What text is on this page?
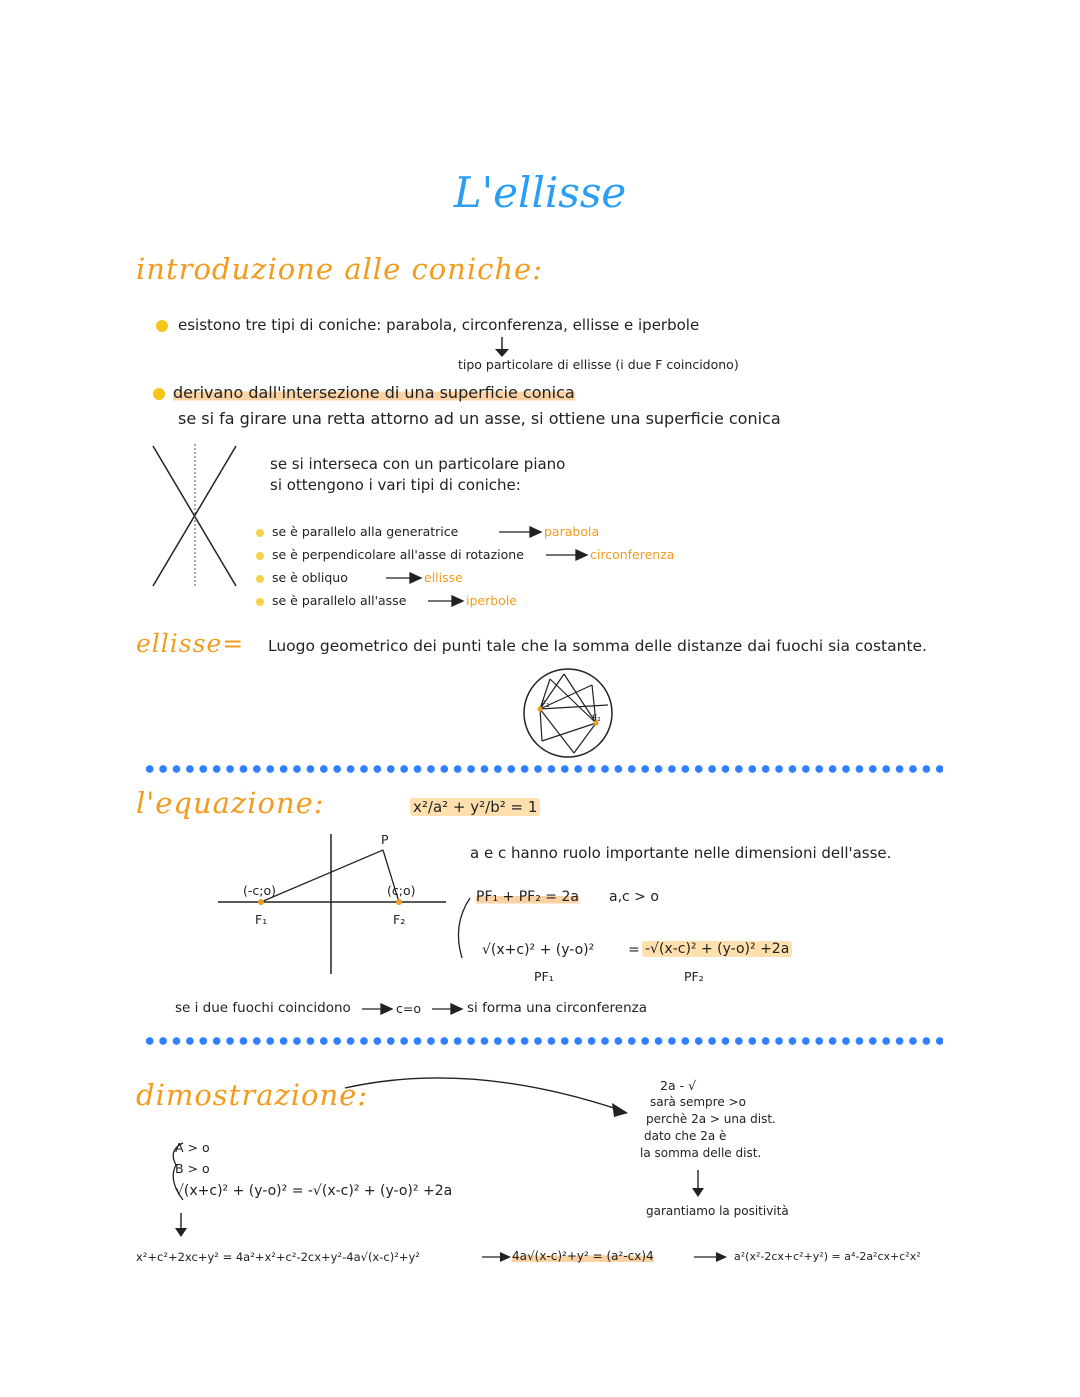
L'ellisse
introduzione alle coniche:
esistono tre tipi di coniche: parabola, circonferenza, ellisse e iperbole
tipo particolare di ellisse (i due F coincidono)
derivano dall'intersezione di una superficie conica
se si fa girare una retta attorno ad un asse, si ottiene una superficie conica
se si interseca con un particolare piano
si ottengono i vari tipi di coniche:
se è parallelo alla generatrice	parabola
se è perpendicolare all'asse di rotazione	circonferenza
se è obliquo	ellisse
se è parallelo all'asse	iperbole
ellisse= Luogo geometrico dei punti tale che la somma delle distanze dai fuochi sia costante.
F₁
F₂
l'equazione:	x²/a² + y²/b² = 1
a e c hanno ruolo importante nelle dimensioni dell'asse.
P
(-c;o)	(c;o)
F₁	F₂
PF₁ + PF₂ = 2a a,c > o
√(x+c)² + (y-o)² = -√(x-c)² + (y-o)² +2a
PF₁	PF₂
se i due fuochi coincidono	c=o	si forma una circonferenza
dimostrazione:	2a - √
sarà sempre >o
perchè 2a > una dist.
dato che 2a è
la somma delle dist.
garantiamo la positività
A > o
B > o
√(x+c)² + (y-o)² = -√(x-c)² + (y-o)² +2a
x²+c²+2xc+y² = 4a²+x²+c²-2cx+y²-4a√(x-c)²+y²	4a√(x-c)²+y² = (a²-cx)4	a²(x²-2cx+c²+y²) = a⁴-2a²cx+c²x²
